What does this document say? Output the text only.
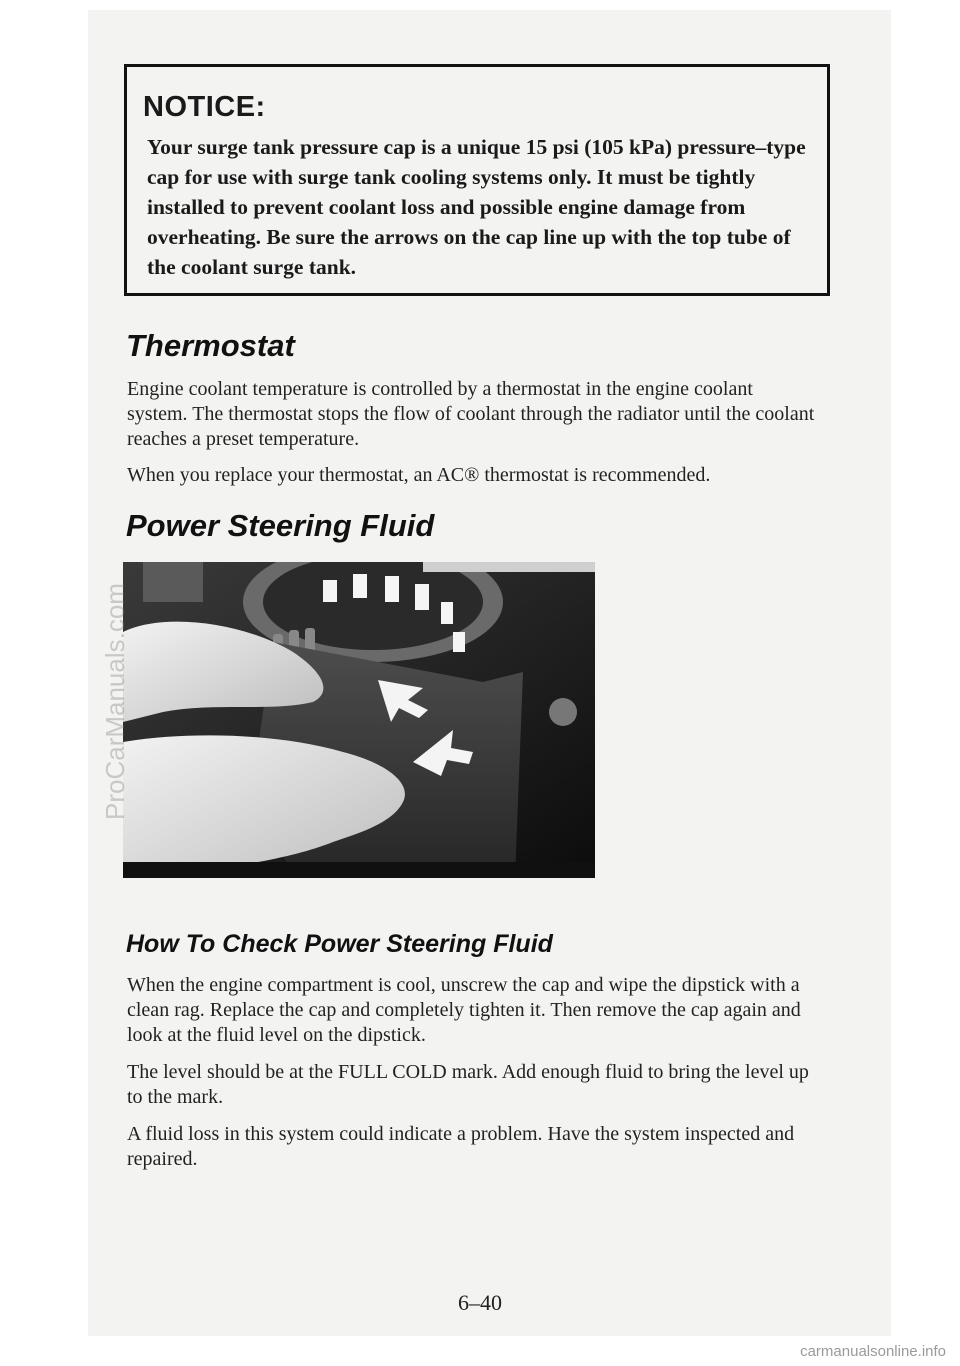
NOTICE:

Your surge tank pressure cap is a unique 15 psi (105 kPa) pressure–type cap for use with surge tank cooling systems only. It must be tightly installed to prevent coolant loss and possible engine damage from overheating. Be sure the arrows on the cap line up with the top tube of the coolant surge tank.

Thermostat

Engine coolant temperature is controlled by a thermostat in the engine coolant system. The thermostat stops the flow of coolant through the radiator until the coolant reaches a preset temperature.

When you replace your thermostat, an AC® thermostat is recommended.

Power Steering Fluid
How To Check Power Steering Fluid

When the engine compartment is cool, unscrew the cap and wipe the dipstick with a clean rag. Replace the cap and completely tighten it. Then remove the cap again and look at the fluid level on the dipstick.

The level should be at the FULL COLD mark. Add enough fluid to bring the level up to the mark.

A fluid loss in this system could indicate a problem. Have the system inspected and repaired.

6–40

ProCarManuals.com

carmanualsonline.info
